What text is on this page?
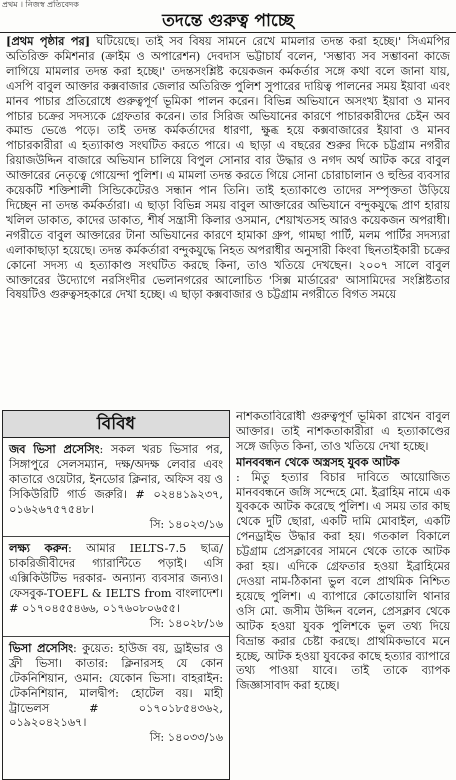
প্রথম । নিজস্ব প্রতিবেদক
তদন্তে গুরুত্ব পাচ্ছে

[প্রথম পৃষ্ঠার পর] ঘটিয়েছে। তাই সব বিষয় সামনে রেখে মামলার তদন্ত করা হচ্ছে।' সিএমপির অতিরিক্ত কমিশনার (ক্রাইম ও অপারেশন) দেবদাস ভট্টাচার্য বলেন, 'সম্ভাব্য সব সম্ভাবনা কাজে লাগিয়ে মামলার তদন্ত করা হচ্ছে।' তদন্তসংশ্লিষ্ট কয়েকজন কর্মকর্তার সঙ্গে কথা বলে জানা যায়, এসপি বাবুল আক্তার কক্সবাজার জেলার অতিরিক্ত পুলিশ সুপারের দায়িত্ব পালনের সময় ইয়াবা এবং মানব পাচার প্রতিরোধে গুরুত্বপূর্ণ ভূমিকা পালন করেন। বিভিন্ন অভিযানে অসংখ্য ইয়াবা ও মানব পাচার চক্রের সদস্যকে গ্রেফতার করেন। তার সিরিজ অভিযানের কারণে পাচারকারীদের চেইন অব কমান্ড ভেঙে পড়ে। তাই তদন্ত কর্মকর্তাদের ধারণা, ক্ষুব্ধ হয়ে কক্সবাজারের ইয়াবা ও মানব পাচারকারীরা এ হত্যাকাণ্ড সংঘটিত করতে পারে। এ ছাড়া এ বছরের শুরুর দিকে চট্টগ্রাম নগরীর রিয়াজউদ্দিন বাজারে অভিযান চালিয়ে বিপুল সোনার বার উদ্ধার ও নগদ অর্থ আটক করে বাবুল আক্তারের নেতৃত্বে গোয়েন্দা পুলিশ। এ মামলা তদন্ত করতে গিয়ে সোনা চোরাচালান ও হুন্ডির ব্যবসার কয়েকটি শক্তিশালী সিন্ডিকেটেরও সন্ধান পান তিনি। তাই হত্যাকাণ্ডে তাদের সম্পৃক্ততা উড়িয়ে দিচ্ছেন না তদন্ত কর্মকর্তারা। এ ছাড়া বিভিন্ন সময় বাবুল আক্তারের অভিযানে বন্দুকযুদ্ধে প্রাণ হারায় খলিল ডাকাত, কাদের ডাকাত, শীর্ষ সন্ত্রাসী কিলার ওসমান, শেয়াখতসহ আরও কয়েকজন অপরাধী। নগরীতে বাবুল আক্তারের টানা অভিযানের কারণে হামাকা গ্রুপ, গামছা পার্টি, মলম পার্টির সদস্যরা এলাকাছাড়া হয়েছে। তদন্ত কর্মকর্তারা বন্দুকযুদ্ধে নিহত অপরাধীর অনুসারী কিংবা ছিনতাইকারী চক্রের কোনো সদস্য এ হত্যাকাণ্ড সংঘটিত করছে কিনা, তাও খতিয়ে দেখছেন। ২০০৭ সালে বাবুল আক্তারের উদ্যোগে নরসিংদীর ভেলানগরের আলোচিত 'সিক্স মার্ডারের' আসামিদের সংশ্লিষ্টতার বিষয়টিও গুরুত্বসহকারে দেখা হচ্ছে। এ ছাড়া কক্সবাজার ও চট্টগ্রাম নগরীতে বিগত সময়ে

বিবিধ
জব ভিসা প্রসেসিং: সকল খরচ ভিসার পর, সিঙ্গাপুরে সেলসম্যান, দক্ষ/অদক্ষ লেবার এবং কাতারে ওয়েটার, ইনডোর ক্লিনার, অফিস বয় ও সিকিউরিটি গার্ড জরুরি। # ০২৪৪১৯২৩৭, ০১৬২৬৭৫৭৫৪৮।
সি: ১৪০২৩/১৬
লক্ষ্য করুন: আমার IELTS-7.5 ছাত্র/চাকরিজীবীদের গ্যারান্টিতে পড়াই। এসি এক্সিকিউটিভ দরকার- অন্যান্য ব্যবসার জন্যও। ফেসবুক-TOEFL & IELTS from বাংলাদেশ। # ০১৭০৪৫৫৪৬৬, ০১৭৬০৮০৬৫৫।
সি: ১৪০২৮/১৬
ভিসা প্রসেসিং: কুয়েত: হাউজ বয়, ড্রাইভার ও ফ্রী ভিসা। কাতার: ক্লিনারসহ যে কোন টেকনিশিয়ান, ওমান: যেকোন ভিসা। বাহরাইন: টেকনিশিয়ান, মালদ্বীপ: হোটেল বয়। মাহী ট্রাভেলস # ০১৭০১৮৫৪৩৬২, ০১৯২০৪২১৬৭।
সি: ১৪০৩৩/১৬

নাশকতাবিরোধী গুরুত্বপূর্ণ ভূমিকা রাখেন বাবুল আক্তার। তাই নাশকতাকারীরা এ হত্যাকাণ্ডের সঙ্গে জড়িত কিনা, তাও খতিয়ে দেখা হচ্ছে।

মানববন্ধন থেকে অস্ত্রসহ যুবক আটক
: মিতু হত্যার বিচার দাবিতে আয়োজিত মানববন্ধনে জঙ্গি সন্দেহে মো. ইব্রাহিম নামে এক যুবককে আটক করেছে পুলিশ। এ সময় তার কাছ থেকে দুটি ছোরা, একটি দামি মোবাইল, একটি পেনড্রাইভ উদ্ধার করা হয়। গতকাল বিকালে চট্টগ্রাম প্রেসক্লাবের সামনে থেকে তাকে আটক করা হয়। এদিকে গ্রেফতার হওয়া ইব্রাহিমের দেওয়া নাম-ঠিকানা ভুল বলে প্রাথমিক নিশ্চিত হয়েছে পুলিশ। এ ব্যাপারে কোতোয়ালি থানার ওসি মো. জসীম উদ্দিন বলেন, প্রেসক্লাব থেকে আটক হওয়া যুবক পুলিশকে ভুল তথ্য দিয়ে বিভ্রান্ত করার চেষ্টা করছে। প্রাথমিকভাবে মনে হচ্ছে, আটক হওয়া যুবকের কাছে হত্যার ব্যাপারে তথ্য পাওয়া যাবে। তাই তাকে ব্যাপক জিজ্ঞাসাবাদ করা হচ্ছে।
